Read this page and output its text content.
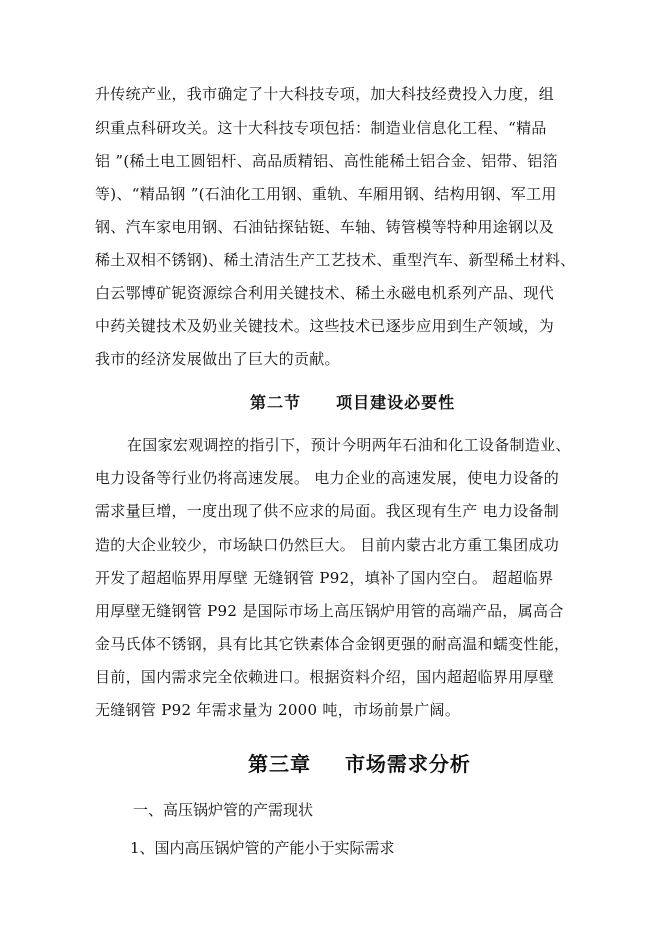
升传统产业，我市确定了十大科技专项，加大科技经费投入力度，组
织重点科研攻关。这十大科技专项包括：制造业信息化工程、“精品
铝 ”(稀土电工圆铝杆、高品质精铝、高性能稀土铝合金、铝带、铝箔
等)、“精品钢 ”(石油化工用钢、重轨、车厢用钢、结构用钢、军工用
钢、汽车家电用钢、石油钻探钻铤、车轴、铸管模等特种用途钢以及
稀土双相不锈钢)、稀土清洁生产工艺技术、重型汽车、新型稀土材料、
白云鄂博矿铌资源综合利用关键技术、稀土永磁电机系列产品、现代
中药关键技术及奶业关键技术。这些技术已逐步应用到生产领域，为
我市的经济发展做出了巨大的贡献。
第二节 项目建设必要性
在国家宏观调控的指引下，预计今明两年石油和化工设备制造业、
电力设备等行业仍将高速发展。 电力企业的高速发展，使电力设备的
需求量巨增，一度出现了供不应求的局面。我区现有生产 电力设备制
造的大企业较少，市场缺口仍然巨大。 目前内蒙古北方重工集团成功
开发了超超临界用厚壁 无缝钢管 P92，填补了国内空白。 超超临界
用厚壁无缝钢管 P92 是国际市场上高压锅炉用管的高端产品，属高合
金马氏体不锈钢，具有比其它铁素体合金钢更强的耐高温和蠕变性能，
目前，国内需求完全依赖进口。根据资料介绍，国内超超临界用厚壁
无缝钢管 P92 年需求量为 2000 吨，市场前景广阔。
第三章 市场需求分析
一、高压锅炉管的产需现状
1、国内高压锅炉管的产能小于实际需求
